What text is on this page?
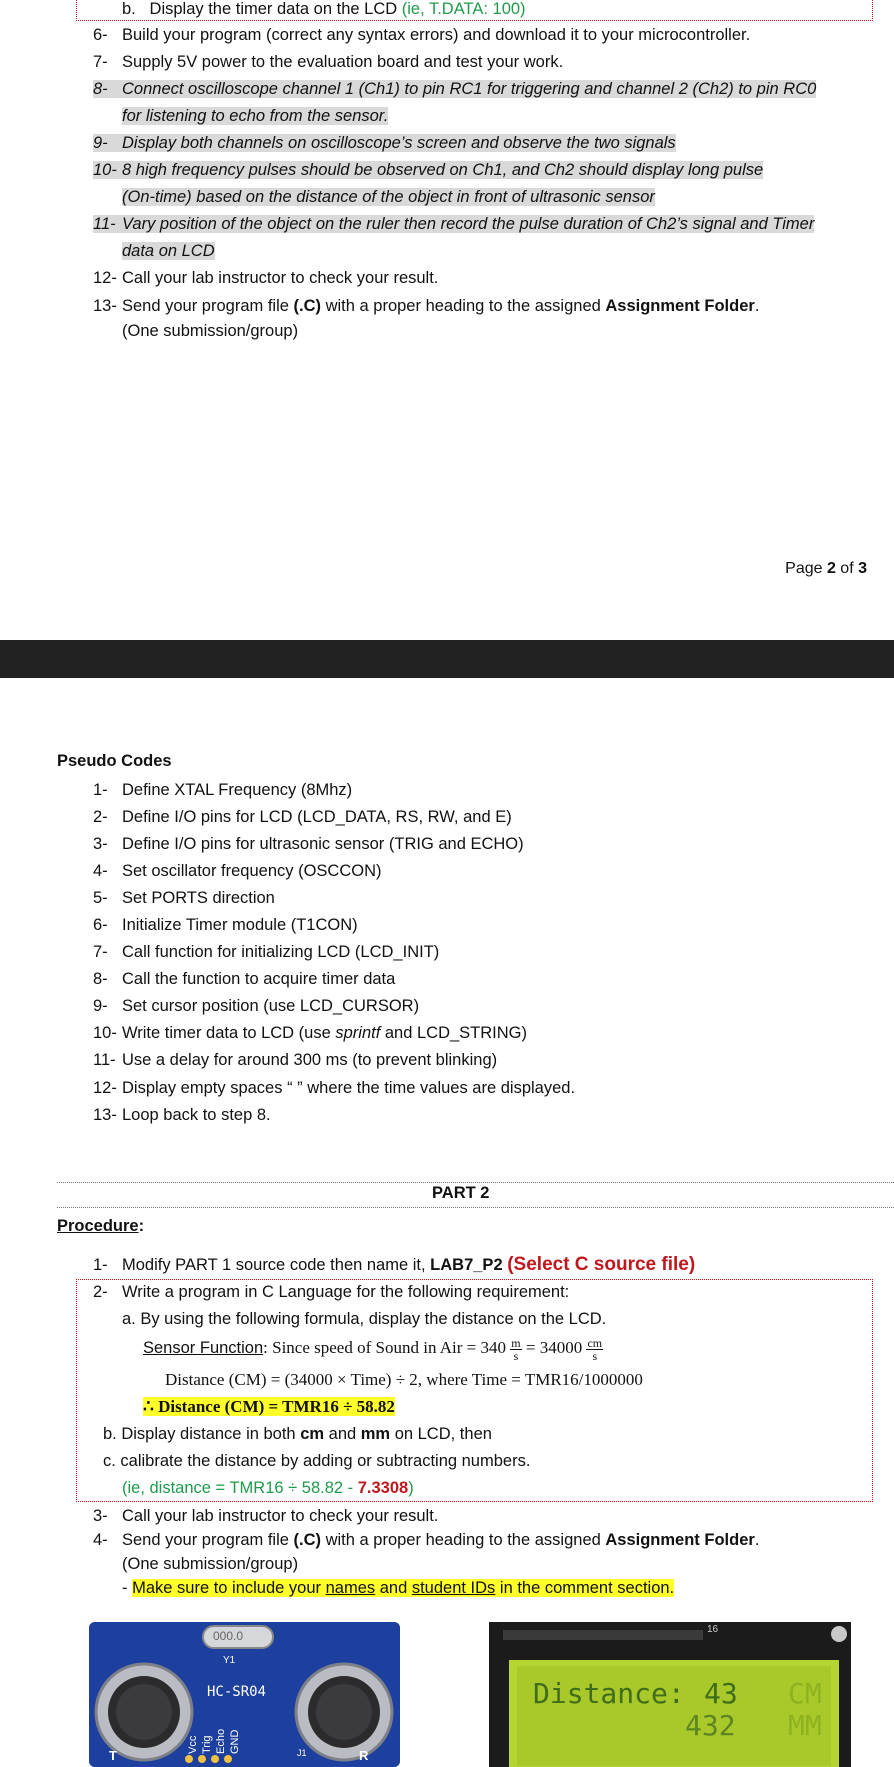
b. Display the timer data on the LCD (ie, T.DATA: 100)
6- Build your program (correct any syntax errors) and download it to your microcontroller.
7- Supply 5V power to the evaluation board and test your work.
8- Connect oscilloscope channel 1 (Ch1) to pin RC1 for triggering and channel 2 (Ch2) to pin RC0
for listening to echo from the sensor.
9- Display both channels on oscilloscope’s screen and observe the two signals
10- 8 high frequency pulses should be observed on Ch1, and Ch2 should display long pulse
(On-time) based on the distance of the object in front of ultrasonic sensor
11- Vary position of the object on the ruler then record the pulse duration of Ch2’s signal and Timer
data on LCD
12- Call your lab instructor to check your result.
13- Send your program file (.C) with a proper heading to the assigned Assignment Folder.
(One submission/group)
Page 2 of 3
Pseudo Codes
1- Define XTAL Frequency (8Mhz)
2- Define I/O pins for LCD (LCD_DATA, RS, RW, and E)
3- Define I/O pins for ultrasonic sensor (TRIG and ECHO)
4- Set oscillator frequency (OSCCON)
5- Set PORTS direction
6- Initialize Timer module (T1CON)
7- Call function for initializing LCD (LCD_INIT)
8- Call the function to acquire timer data
9- Set cursor position (use LCD_CURSOR)
10- Write timer data to LCD (use sprintf and LCD_STRING)
11- Use a delay for around 300 ms (to prevent blinking)
12- Display empty spaces “ ” where the time values are displayed.
13- Loop back to step 8.
PART 2
Procedure:
1- Modify PART 1 source code then name it, LAB7_P2 (Select C source file)
2- Write a program in C Language for the following requirement:
a. By using the following formula, display the distance on the LCD.
Sensor Function: Since speed of Sound in Air = $340 \frac{m}{s} = 34000 \frac{cm}{s}$
Distance (CM) = (34000 × Time) ÷ 2, where Time = TMR16/1000000
∴ Distance (CM) = TMR16 ÷ 58.82
b. Display distance in both cm and mm on LCD, then
c. calibrate the distance by adding or subtracting numbers.
(ie, distance = TMR16 ÷ 58.82 - 7.3308)
3- Call your lab instructor to check your result.
4- Send your program file (.C) with a proper heading to the assigned Assignment Folder.
(One submission/group)
- Make sure to include your names and student IDs in the comment section.
000.0
Y1
HC-SR04
Vcc Trig Echo GND
T	R
J1
16
Distance: 43 CM
432 MM
